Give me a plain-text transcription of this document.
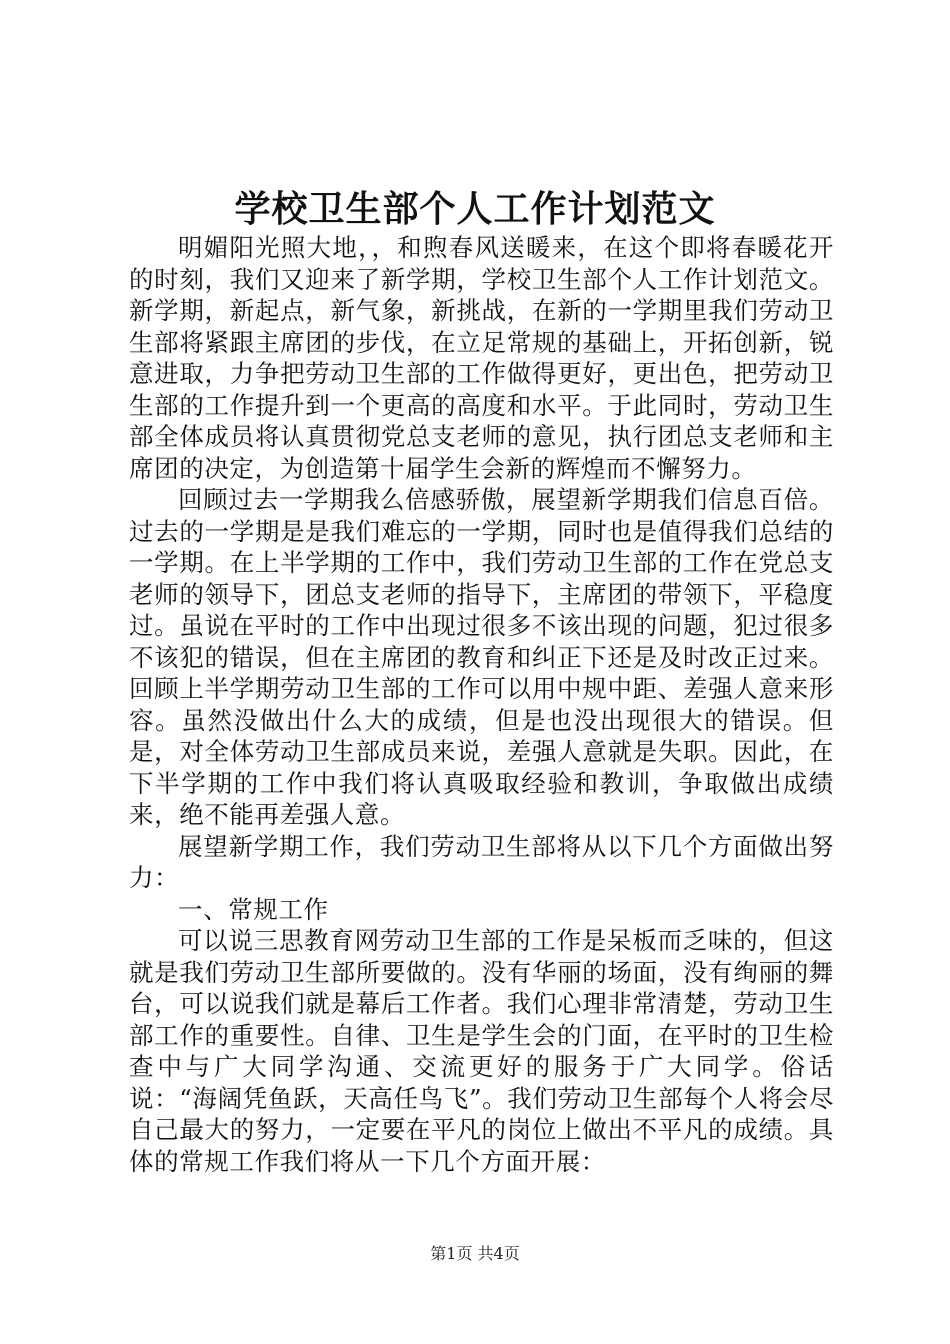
学校卫生部个人工作计划范文

明媚阳光照大地，，和煦春风送暖来，在这个即将春暖花开的时刻，我们又迎来了新学期，学校卫生部个人工作计划范文。新学期，新起点，新气象，新挑战，在新的一学期里我们劳动卫生部将紧跟主席团的步伐，在立足常规的基础上，开拓创新，锐意进取，力争把劳动卫生部的工作做得更好，更出色，把劳动卫生部的工作提升到一个更高的高度和水平。于此同时，劳动卫生部全体成员将认真贯彻党总支老师的意见，执行团总支老师和主席团的决定，为创造第十届学生会新的辉煌而不懈努力。

回顾过去一学期我么倍感骄傲，展望新学期我们信息百倍。过去的一学期是是我们难忘的一学期，同时也是值得我们总结的一学期。在上半学期的工作中，我们劳动卫生部的工作在党总支老师的领导下，团总支老师的指导下，主席团的带领下，平稳度过。虽说在平时的工作中出现过很多不该出现的问题，犯过很多不该犯的错误，但在主席团的教育和纠正下还是及时改正过来。回顾上半学期劳动卫生部的工作可以用中规中距、差强人意来形容。虽然没做出什么大的成绩，但是也没出现很大的错误。但是，对全体劳动卫生部成员来说，差强人意就是失职。因此，在下半学期的工作中我们将认真吸取经验和教训，争取做出成绩来，绝不能再差强人意。

展望新学期工作，我们劳动卫生部将从以下几个方面做出努力：

一、常规工作

可以说三思教育网劳动卫生部的工作是呆板而乏味的，但这就是我们劳动卫生部所要做的。没有华丽的场面，没有绚丽的舞台，可以说我们就是幕后工作者。我们心理非常清楚，劳动卫生部工作的重要性。自律、卫生是学生会的门面，在平时的卫生检查中与广大同学沟通、交流更好的服务于广大同学。俗话说：“海阔凭鱼跃，天高任鸟飞”。我们劳动卫生部每个人将会尽自己最大的努力，一定要在平凡的岗位上做出不平凡的成绩。具体的常规工作我们将从一下几个方面开展：

第1页 共4页
